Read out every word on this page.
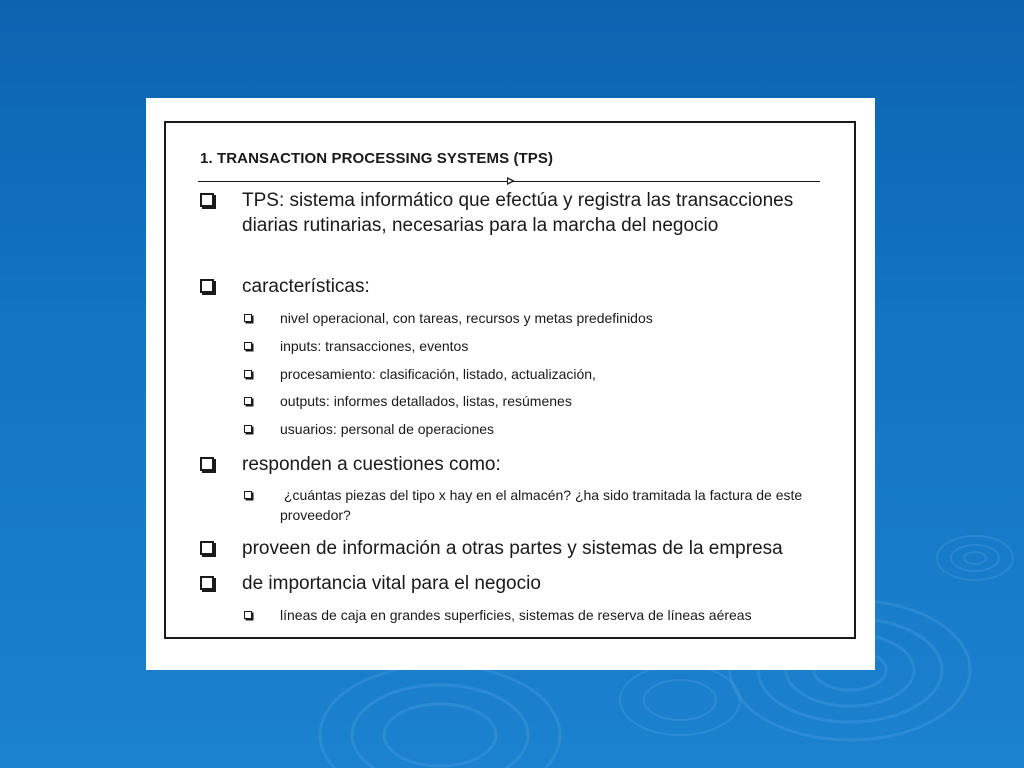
1. TRANSACTION PROCESSING SYSTEMS (TPS)
TPS: sistema informático que efectúa y registra las transacciones diarias rutinarias, necesarias para la marcha del negocio
características:
nivel operacional, con tareas, recursos y metas predefinidos
inputs: transacciones, eventos
procesamiento: clasificación, listado, actualización,
outputs: informes detallados, listas, resúmenes
usuarios: personal de operaciones
responden a cuestiones como:
¿cuántas piezas del tipo x hay en el almacén? ¿ha sido tramitada la factura de este proveedor?
proveen de información a otras partes y sistemas de la empresa
de importancia vital para el negocio
líneas de caja en grandes superficies, sistemas de reserva de líneas aéreas
